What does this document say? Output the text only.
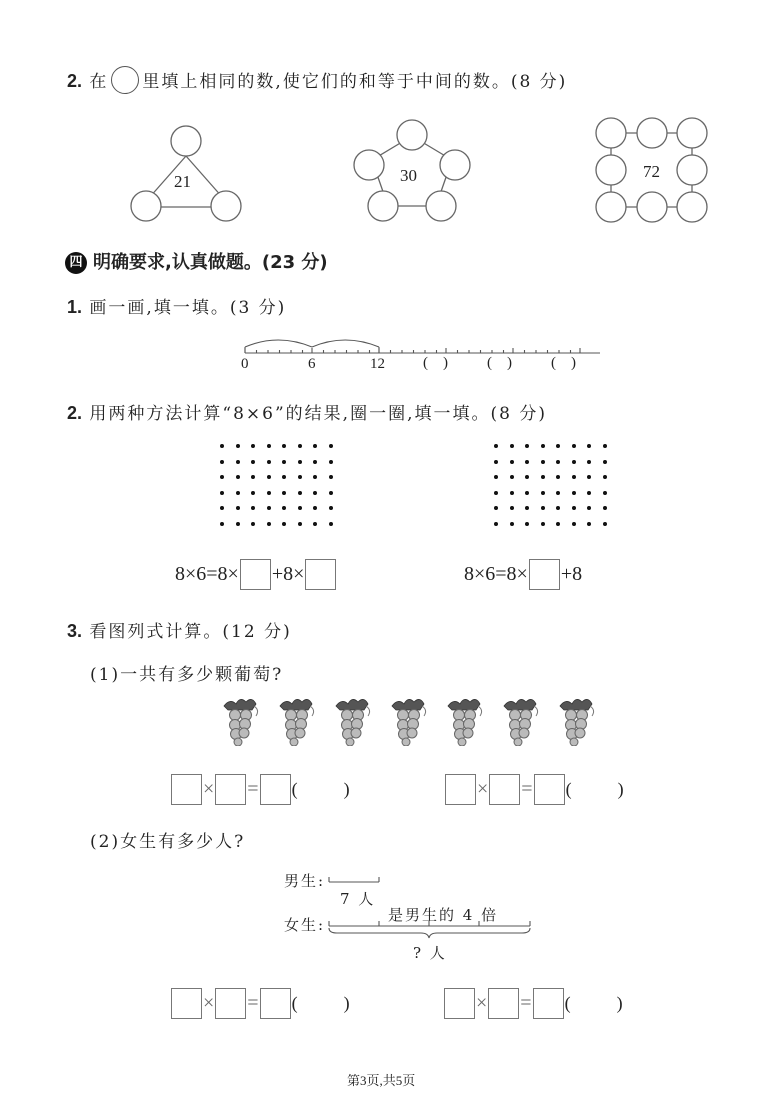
2. 在 里填上相同的数,使它们的和等于中间的数。(8 分)
21	30	72
四 明确要求,认真做题。(23 分)
1. 画一画,填一填。(3 分)
0	6	12	(    )	(    )	(    )
2. 用两种方法计算“8×6”的结果,圈一圈,填一填。(8 分)
8×6=8× +8×	8×6=8× +8
3. 看图列式计算。(12 分)
(1)一共有多少颗葡萄?
× = (	)	× = (	)
(2)女生有多少人?
男生:
7 人
是男生的 4 倍
女生:
? 人
× = (	)	× = (	)
第3页,共5页
